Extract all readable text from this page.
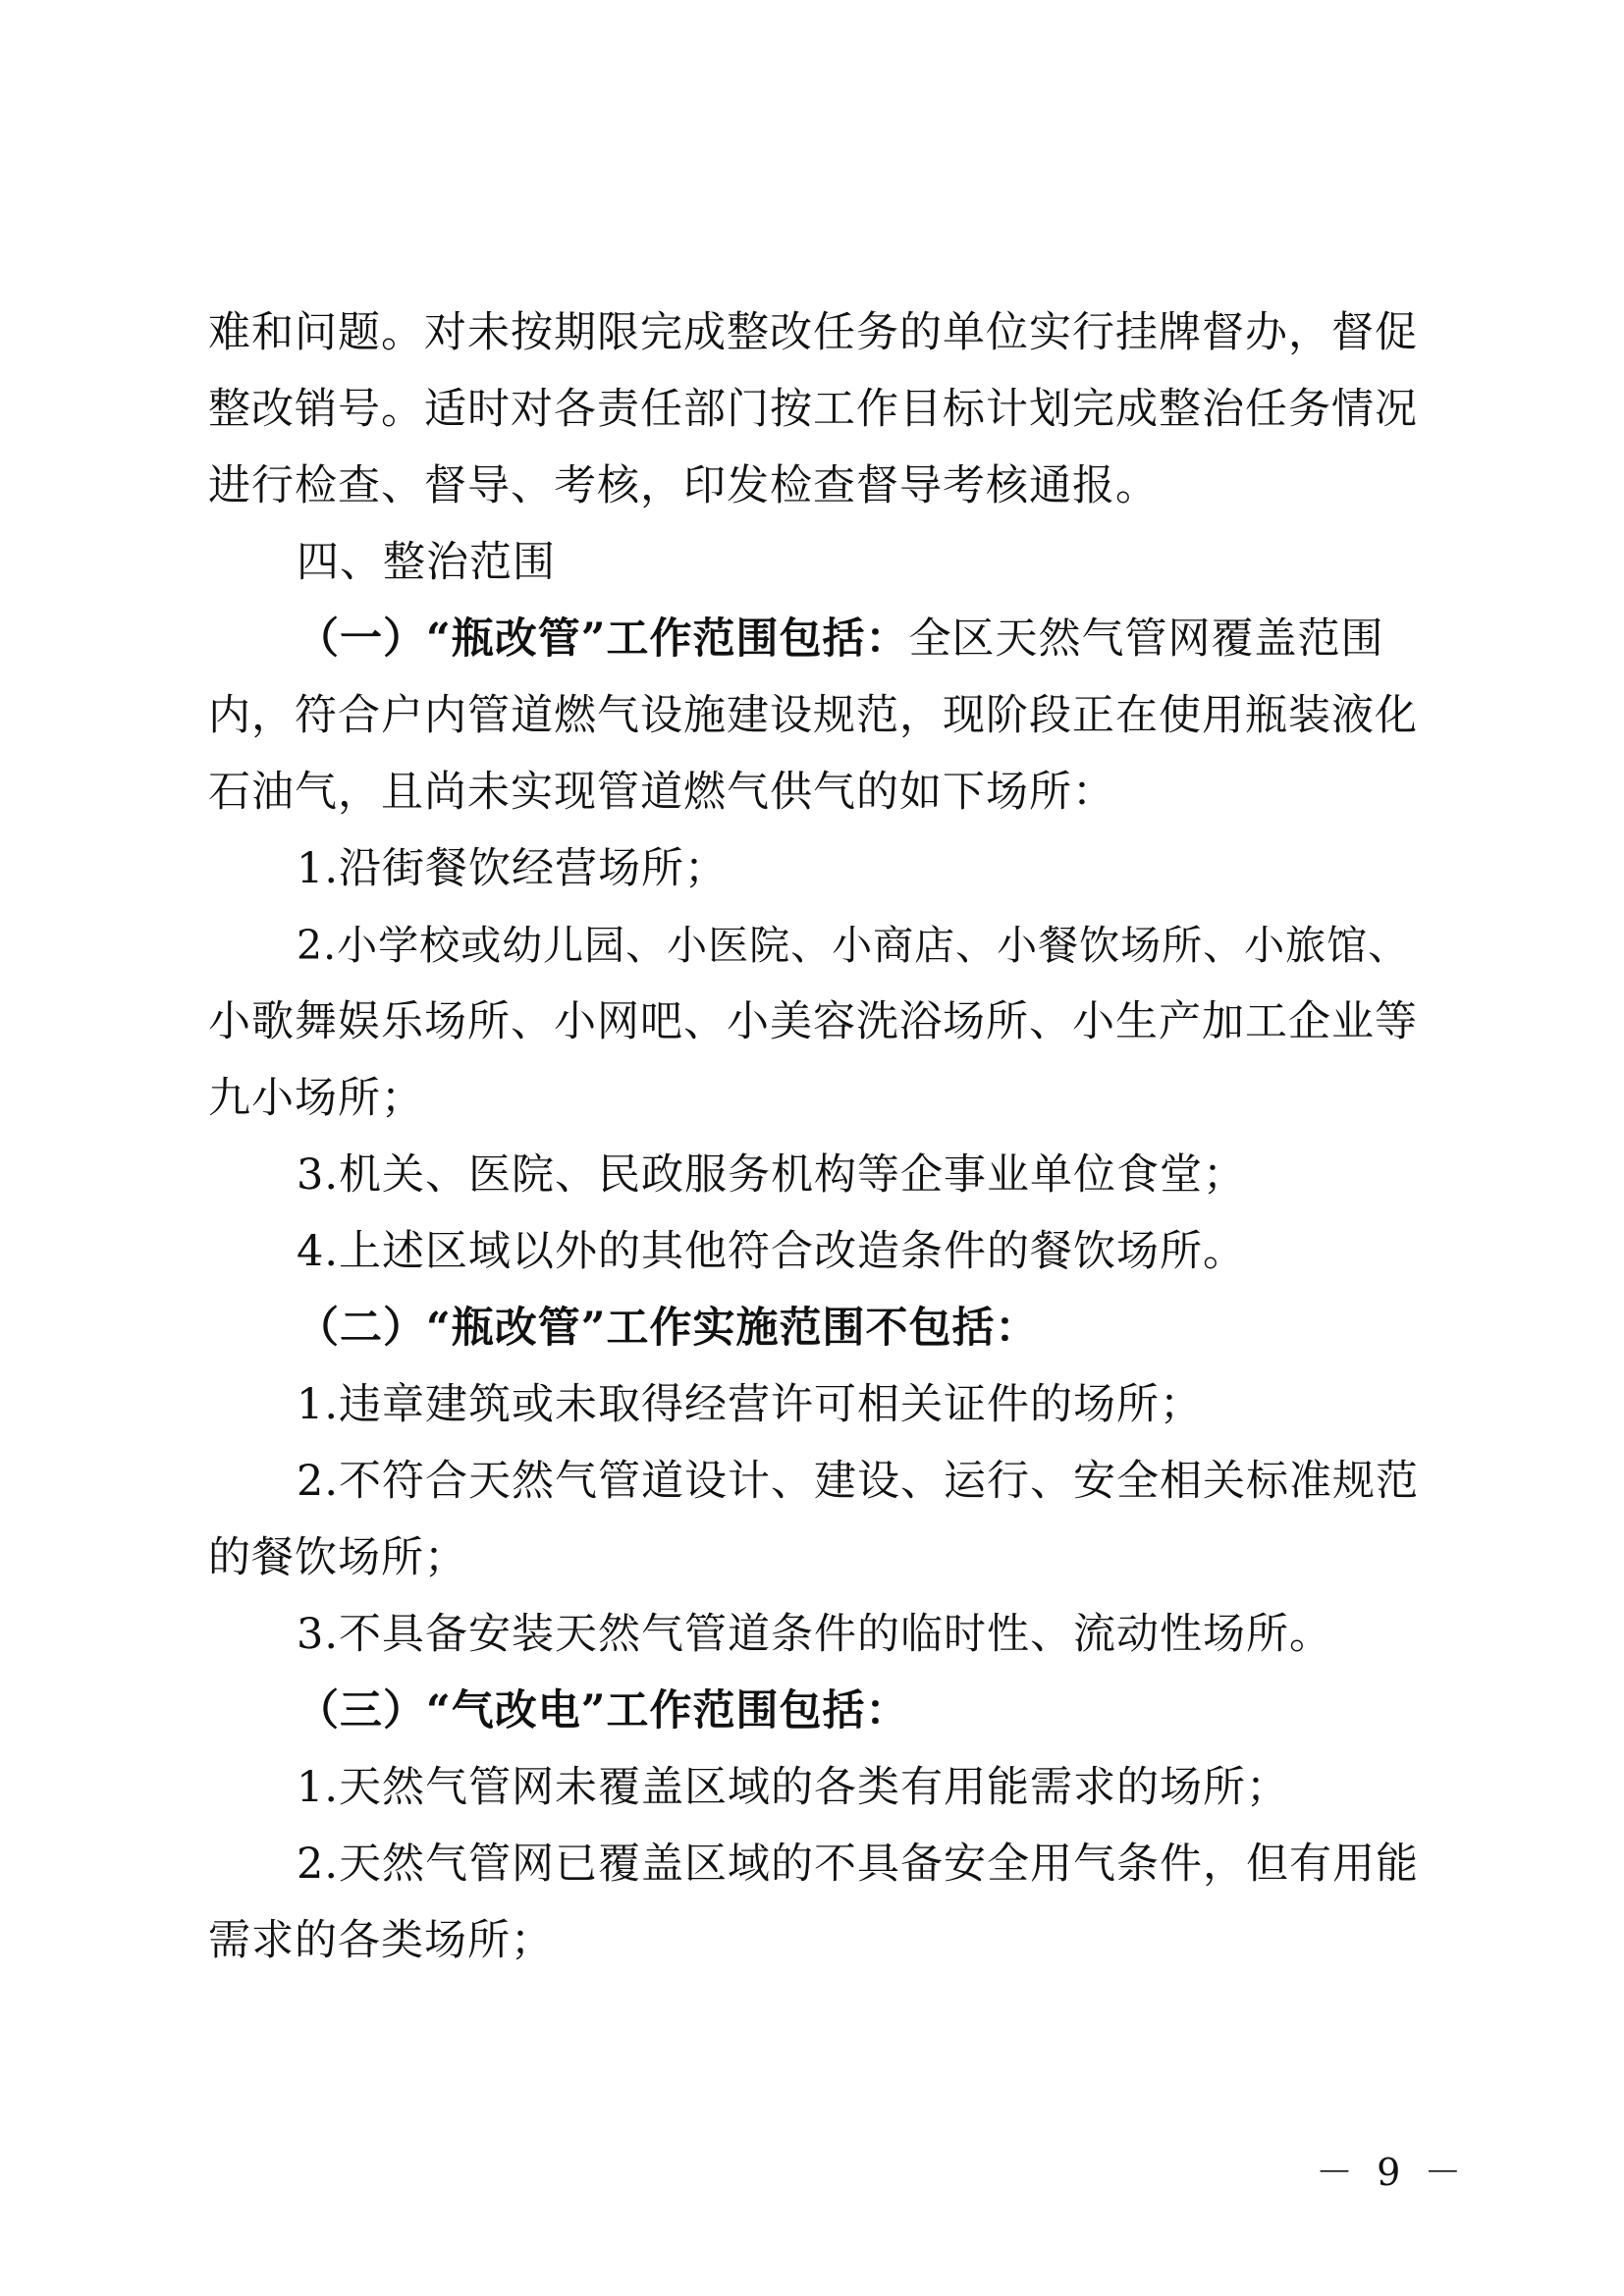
难和问题。对未按期限完成整改任务的单位实行挂牌督办，督促

整改销号。适时对各责任部门按工作目标计划完成整治任务情况

进行检查、督导、考核，印发检查督导考核通报。

四、整治范围

（一）“瓶改管”工作范围包括：全区天然气管网覆盖范围

内，符合户内管道燃气设施建设规范，现阶段正在使用瓶装液化

石油气，且尚未实现管道燃气供气的如下场所：

1.沿街餐饮经营场所；

2.小学校或幼儿园、小医院、小商店、小餐饮场所、小旅馆、

小歌舞娱乐场所、小网吧、小美容洗浴场所、小生产加工企业等

九小场所；

3.机关、医院、民政服务机构等企事业单位食堂；

4.上述区域以外的其他符合改造条件的餐饮场所。

（二）“瓶改管”工作实施范围不包括：

1.违章建筑或未取得经营许可相关证件的场所；

2.不符合天然气管道设计、建设、运行、安全相关标准规范

的餐饮场所；

3.不具备安装天然气管道条件的临时性、流动性场所。

（三）“气改电”工作范围包括：

1.天然气管网未覆盖区域的各类有用能需求的场所；

2.天然气管网已覆盖区域的不具备安全用气条件，但有用能

需求的各类场所；

－ 9 －
